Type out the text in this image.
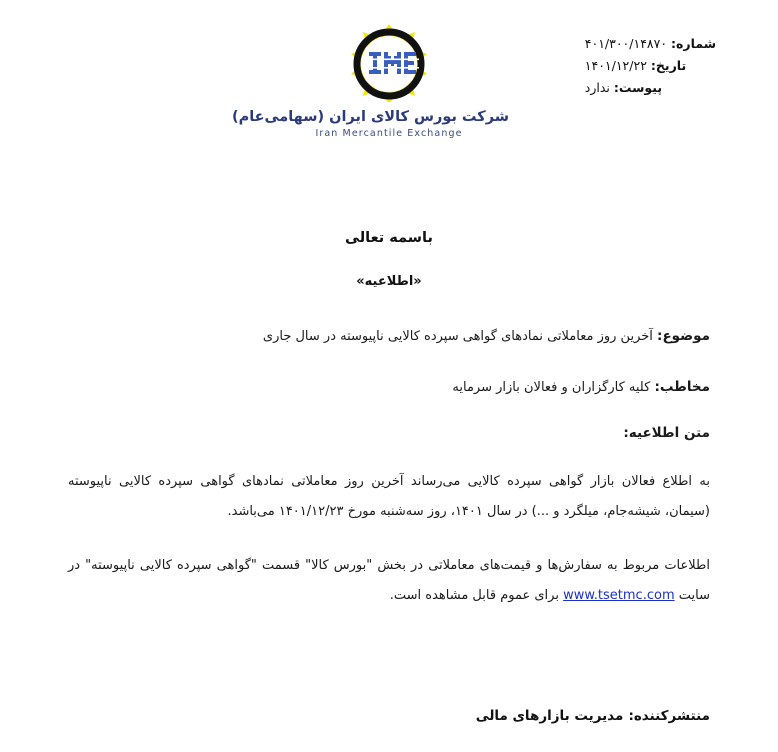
شماره: ۴۰۱/۳۰۰/۱۴۸۷۰
تاریخ: ۱۴۰۱/۱۲/۲۲
پیوست: ندارد
شرکت بورس کالای ایران (سهامی‌عام)
Iran Mercantile Exchange

باسمه تعالی

«اطلاعیه»

موضوع: آخرین روز معاملاتی نمادهای گواهی سپرده کالایی ناپیوسته در سال جاری

مخاطب: کلیه کارگزاران و فعالان بازار سرمایه

متن اطلاعیه:

به اطلاع فعالان بازار گواهی سپرده کالایی می‌رساند آخرین روز معاملاتی نمادهای گواهی سپرده کالایی ناپیوسته (سیمان، شیشه‌جام، میلگرد و ...) در سال ۱۴۰۱، روز سه‌شنبه مورخ ۱۴۰۱/۱۲/۲۳ می‌باشد.

اطلاعات مربوط به سفارش‌ها و قیمت‌های معاملاتی در بخش "بورس کالا" قسمت "گواهی سپرده کالایی ناپیوسته" در سایت www.tsetmc.com برای عموم قابل مشاهده است.

منتشرکننده: مدیریت بازارهای مالی
